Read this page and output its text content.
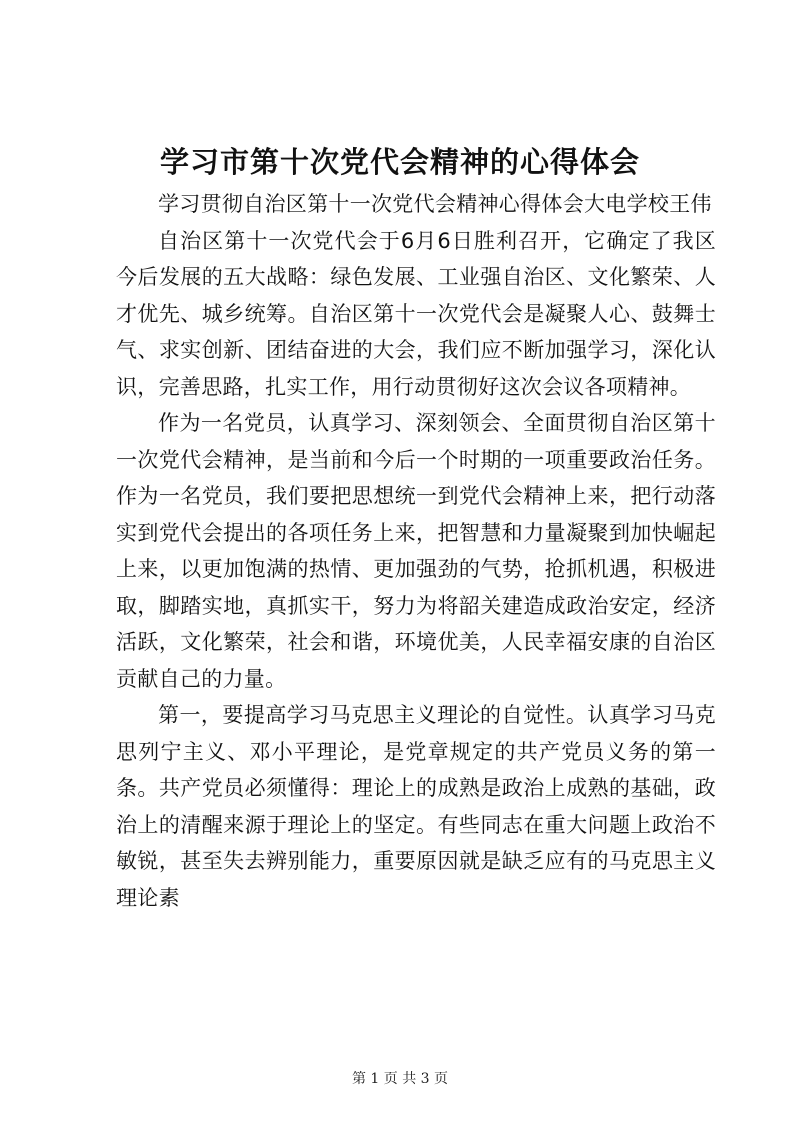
学习市第十次党代会精神的心得体会

学习贯彻自治区第十一次党代会精神心得体会大电学校王伟

自治区第十一次党代会于6月6日胜利召开，它确定了我区今后发展的五大战略：绿色发展、工业强自治区、文化繁荣、人才优先、城乡统筹。自治区第十一次党代会是凝聚人心、鼓舞士气、求实创新、团结奋进的大会，我们应不断加强学习，深化认识，完善思路，扎实工作，用行动贯彻好这次会议各项精神。

作为一名党员，认真学习、深刻领会、全面贯彻自治区第十一次党代会精神，是当前和今后一个时期的一项重要政治任务。作为一名党员，我们要把思想统一到党代会精神上来，把行动落实到党代会提出的各项任务上来，把智慧和力量凝聚到加快崛起上来，以更加饱满的热情、更加强劲的气势，抢抓机遇，积极进取，脚踏实地，真抓实干，努力为将韶关建造成政治安定，经济活跃，文化繁荣，社会和谐，环境优美，人民幸福安康的自治区贡献自己的力量。

第一，要提高学习马克思主义理论的自觉性。认真学习马克思列宁主义、邓小平理论，是党章规定的共产党员义务的第一条。共产党员必须懂得：理论上的成熟是政治上成熟的基础，政治上的清醒来源于理论上的坚定。有些同志在重大问题上政治不敏锐，甚至失去辨别能力，重要原因就是缺乏应有的马克思主义理论素

第 1 页 共 3 页
